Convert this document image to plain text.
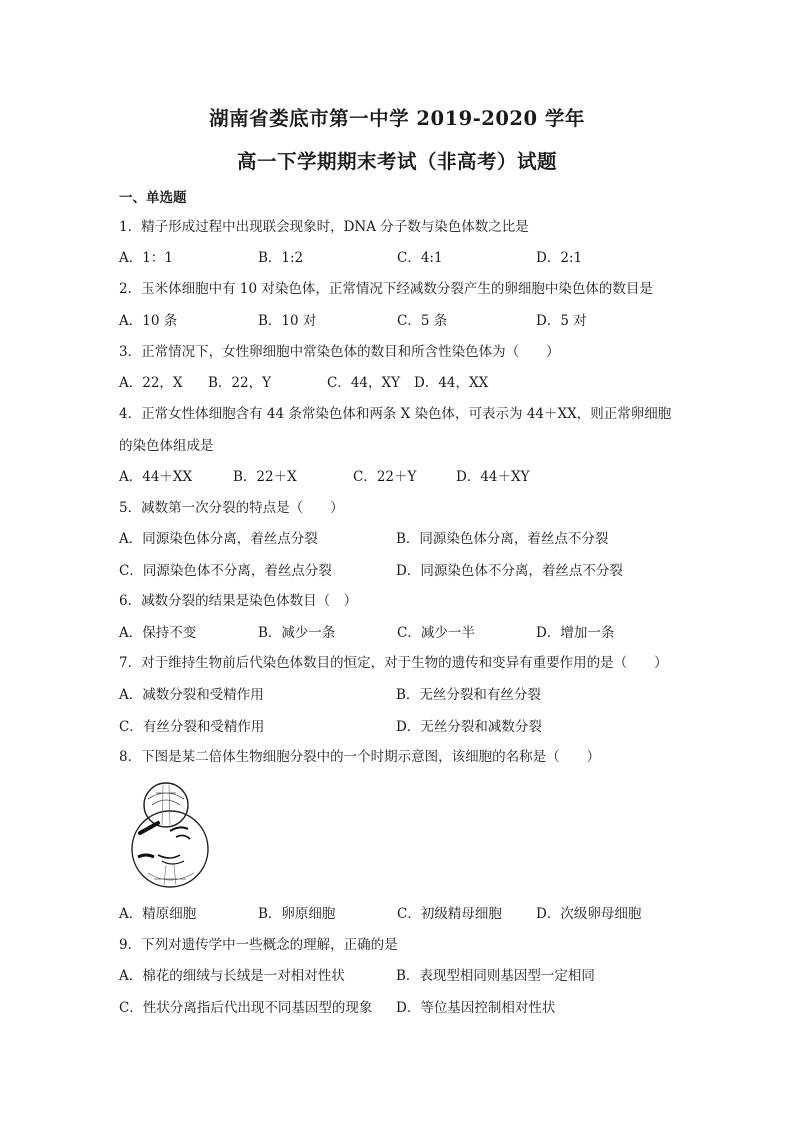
湖南省娄底市第一中学 2019-2020 学年
高一下学期期末考试（非高考）试题
一、单选题
1．精子形成过程中出现联会现象时，DNA 分子数与染色体数之比是
A．1：1	B．1:2	C．4:1	D．2:1
2．玉米体细胞中有 10 对染色体，正常情况下经减数分裂产生的卵细胞中染色体的数目是
A．10 条	B．10 对	C．5 条	D．5 对
3．正常情况下，女性卵细胞中常染色体的数目和所含性染色体为（　　）
A．22，X B．22，Y	C．44，XY D．44，XX
4．正常女性体细胞含有 44 条常染色体和两条 X 染色体，可表示为 44＋XX，则正常卵细胞
的染色体组成是
A．44＋XX	B．22＋X	C．22＋Y	D．44＋XY
5．减数第一次分裂的特点是（　　）
A．同源染色体分离，着丝点分裂	B．同源染色体分离，着丝点不分裂
C．同源染色体不分离，着丝点分裂	D．同源染色体不分离，着丝点不分裂
6．减数分裂的结果是染色体数目（　）
A．保持不变	B．减少一条	C．减少一半	D．增加一条
7．对于维持生物前后代染色体数目的恒定，对于生物的遗传和变异有重要作用的是（　　）
A．减数分裂和受精作用	B．无丝分裂和有丝分裂
C．有丝分裂和受精作用	D．无丝分裂和减数分裂
8．下图是某二倍体生物细胞分裂中的一个时期示意图，该细胞的名称是（　　）
A．精原细胞	B．卵原细胞	C．初级精母细胞	D．次级卵母细胞
9．下列对遗传学中一些概念的理解，正确的是
A．棉花的细绒与长绒是一对相对性状	B．表现型相同则基因型一定相同
C．性状分离指后代出现不同基因型的现象 D．等位基因控制相对性状
